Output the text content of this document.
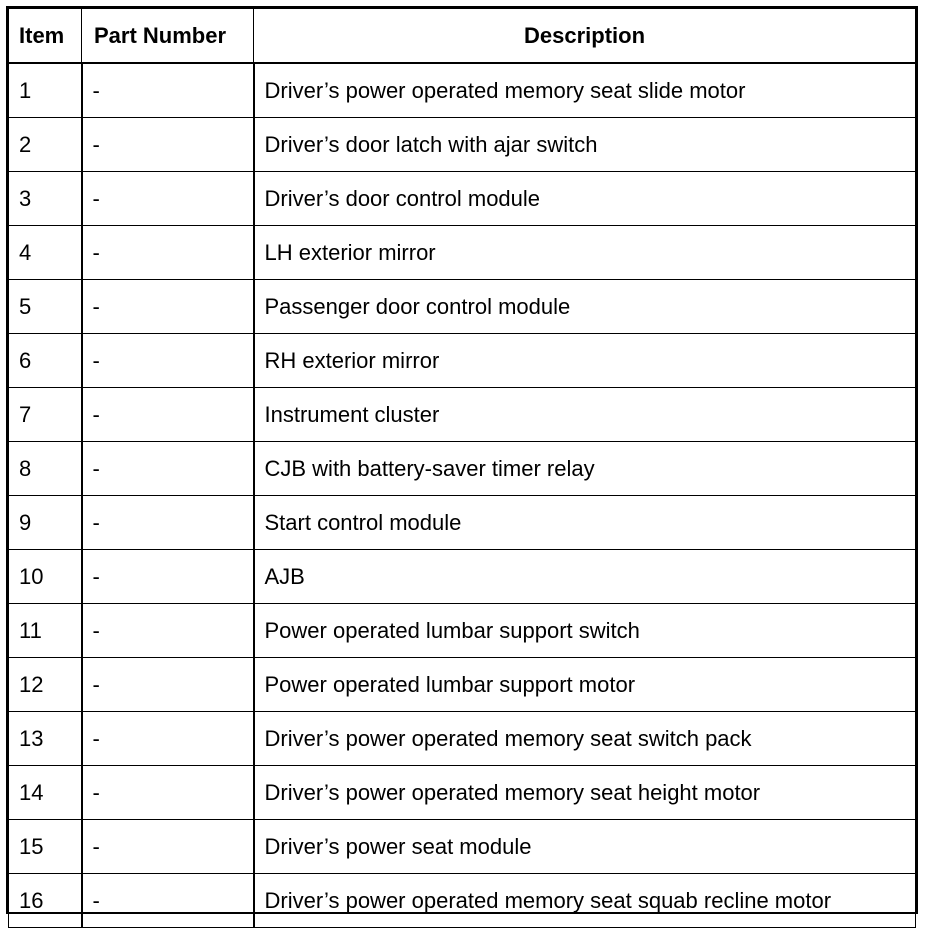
Item	Part Number	Description
1	-	Driver’s power operated memory seat slide motor
2	-	Driver’s door latch with ajar switch
3	-	Driver’s door control module
4	-	LH exterior mirror
5	-	Passenger door control module
6	-	RH exterior mirror
7	-	Instrument cluster
8	-	CJB with battery-saver timer relay
9	-	Start control module
10	-	AJB
11	-	Power operated lumbar support switch
12	-	Power operated lumbar support motor
13	-	Driver’s power operated memory seat switch pack
14	-	Driver’s power operated memory seat height motor
15	-	Driver’s power seat module
16	-	Driver’s power operated memory seat squab recline motor
